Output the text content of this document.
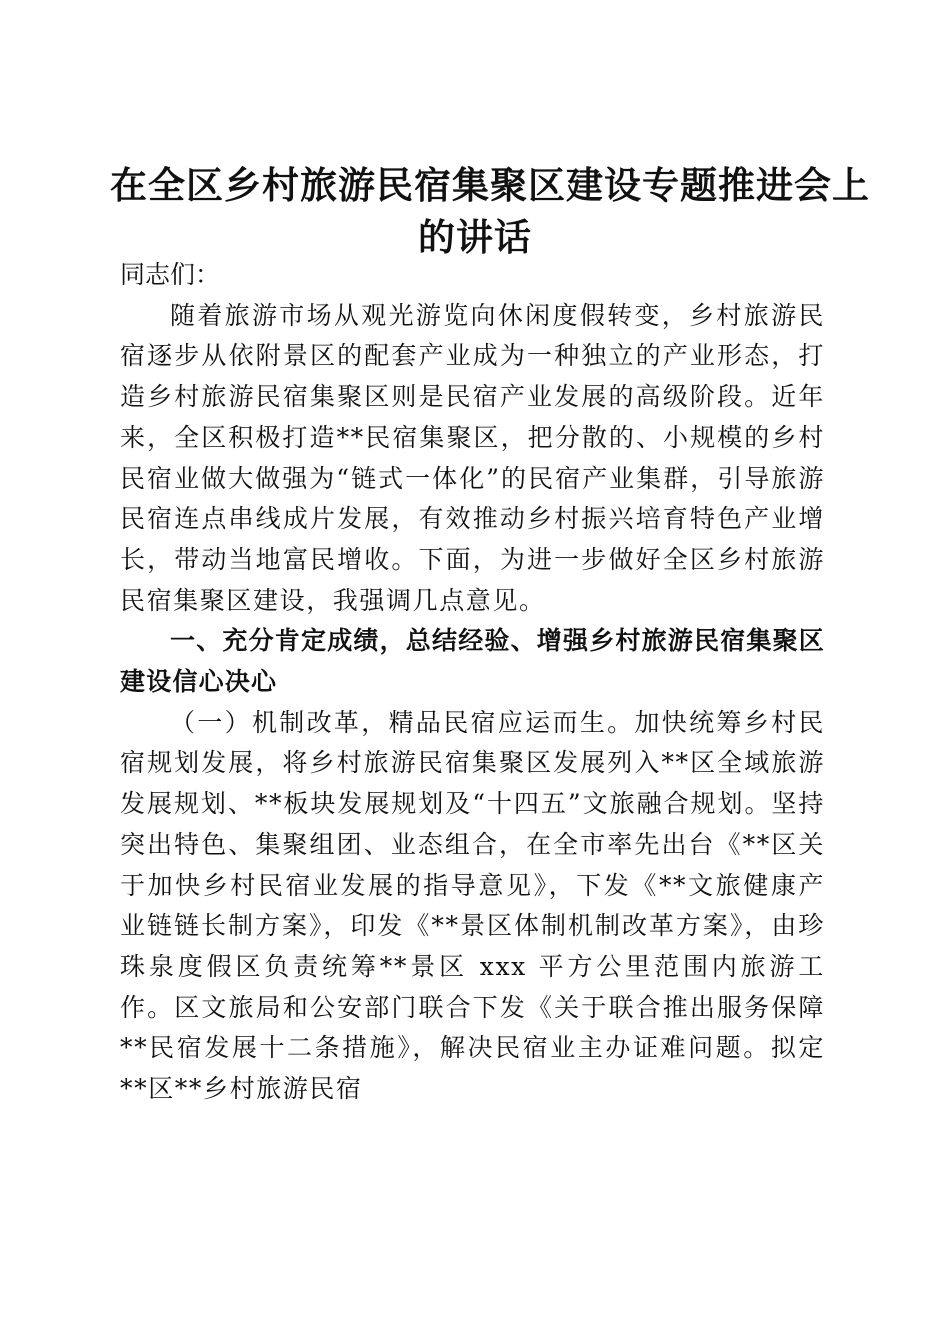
在全区乡村旅游民宿集聚区建设专题推进会上
的讲话

同志们：

随着旅游市场从观光游览向休闲度假转变，乡村旅游民宿逐步从依附景区的配套产业成为一种独立的产业形态，打造乡村旅游民宿集聚区则是民宿产业发展的高级阶段。近年来，全区积极打造**民宿集聚区，把分散的、小规模的乡村民宿业做大做强为“链式一体化”的民宿产业集群，引导旅游民宿连点串线成片发展，有效推动乡村振兴培育特色产业增长，带动当地富民增收。下面，为进一步做好全区乡村旅游民宿集聚区建设，我强调几点意见。

一、充分肯定成绩，总结经验、增强乡村旅游民宿集聚区建设信心决心

（一）机制改革，精品民宿应运而生。加快统筹乡村民宿规划发展，将乡村旅游民宿集聚区发展列入**区全域旅游发展规划、**板块发展规划及“十四五”文旅融合规划。坚持突出特色、集聚组团、业态组合，在全市率先出台《**区关于加快乡村民宿业发展的指导意见》，下发《**文旅健康产业链链长制方案》，印发《**景区体制机制改革方案》，由珍珠泉度假区负责统筹**景区 xxx 平方公里范围内旅游工作。区文旅局和公安部门联合下发《关于联合推出服务保障**民宿发展十二条措施》，解决民宿业主办证难问题。拟定**区**乡村旅游民宿
